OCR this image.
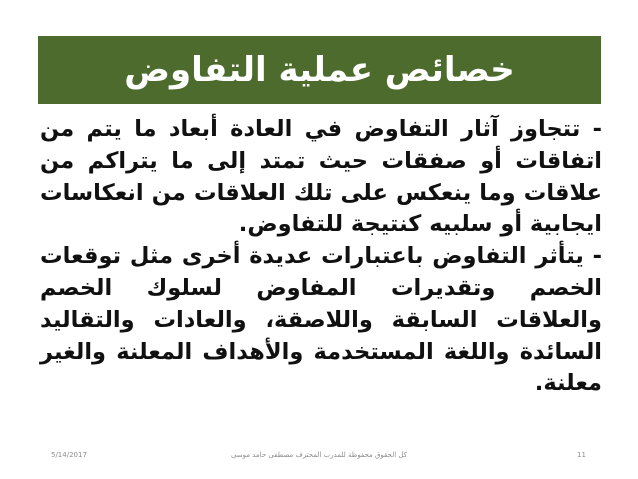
خصائص عملية التفاوض

- تتجاوز آثار التفاوض في العادة أبعاد ما يتم من اتفاقات أو صفقات حيث تمتد إلى ما يتراكم من علاقات وما ينعكس على تلك العلاقات من انعكاسات ايجابية أو سلبيه كنتيجة للتفاوض.

- يتأثر التفاوض باعتبارات عديدة أخرى مثل توقعات الخصم وتقديرات المفاوض لسلوك الخصم والعلاقات السابقة واللاصقة، والعادات والتقاليد السائدة واللغة المستخدمة والأهداف المعلنة والغير معلنة.

5/14/2017	كل الحقوق محفوظة للمدرب المحترف مصطفى حامد موسى	11
